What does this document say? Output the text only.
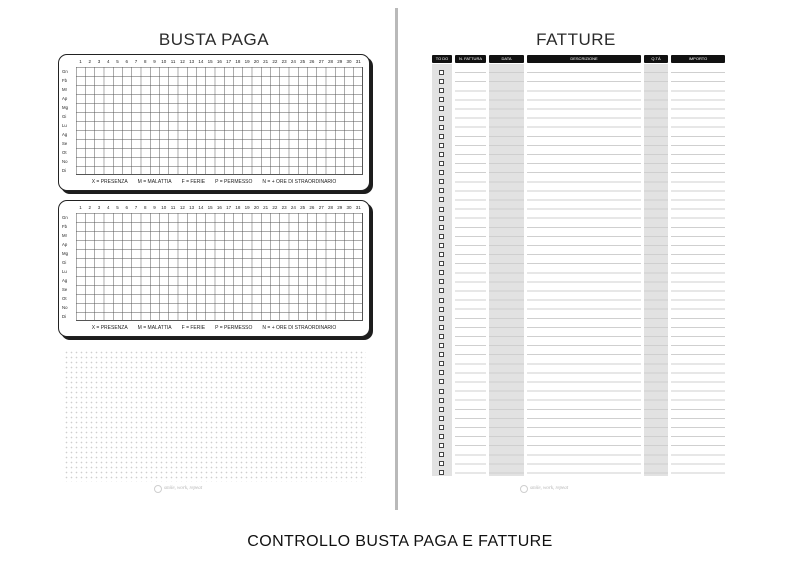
BUSTA PAGA
1	2	3	4	5	6	7	8	9	10 11 12 13 14 15 16 17 18 19 20 21 22 23 24 25 26 27 28 29 30 31
Gn
Fb
Mr
Ap
Mg
Gi
Lu
Ag
Se
Ot
No
Di
X = PRESENZA M = MALATTIA F = FERIE P = PERMESSO N = + ORE DI STRAORDINARIO
1	2	3	4	5	6	7	8	9	10 11 12 13 14 15 16 17 18 19 20 21 22 23 24 25 26 27 28 29 30 31
Gn
Fb
Mr
Ap
Mg
Gi
Lu
Ag
Se
Ot
No
Di
X = PRESENZA M = MALATTIA F = FERIE P = PERMESSO N = + ORE DI STRAORDINARIO
smile, work, repeat
FATTURE
TO DO	N. FATTURA	DATA	DESCRIZIONE	Q.TÀ	IMPORTO
smile, work, repeat
CONTROLLO BUSTA PAGA E FATTURE
